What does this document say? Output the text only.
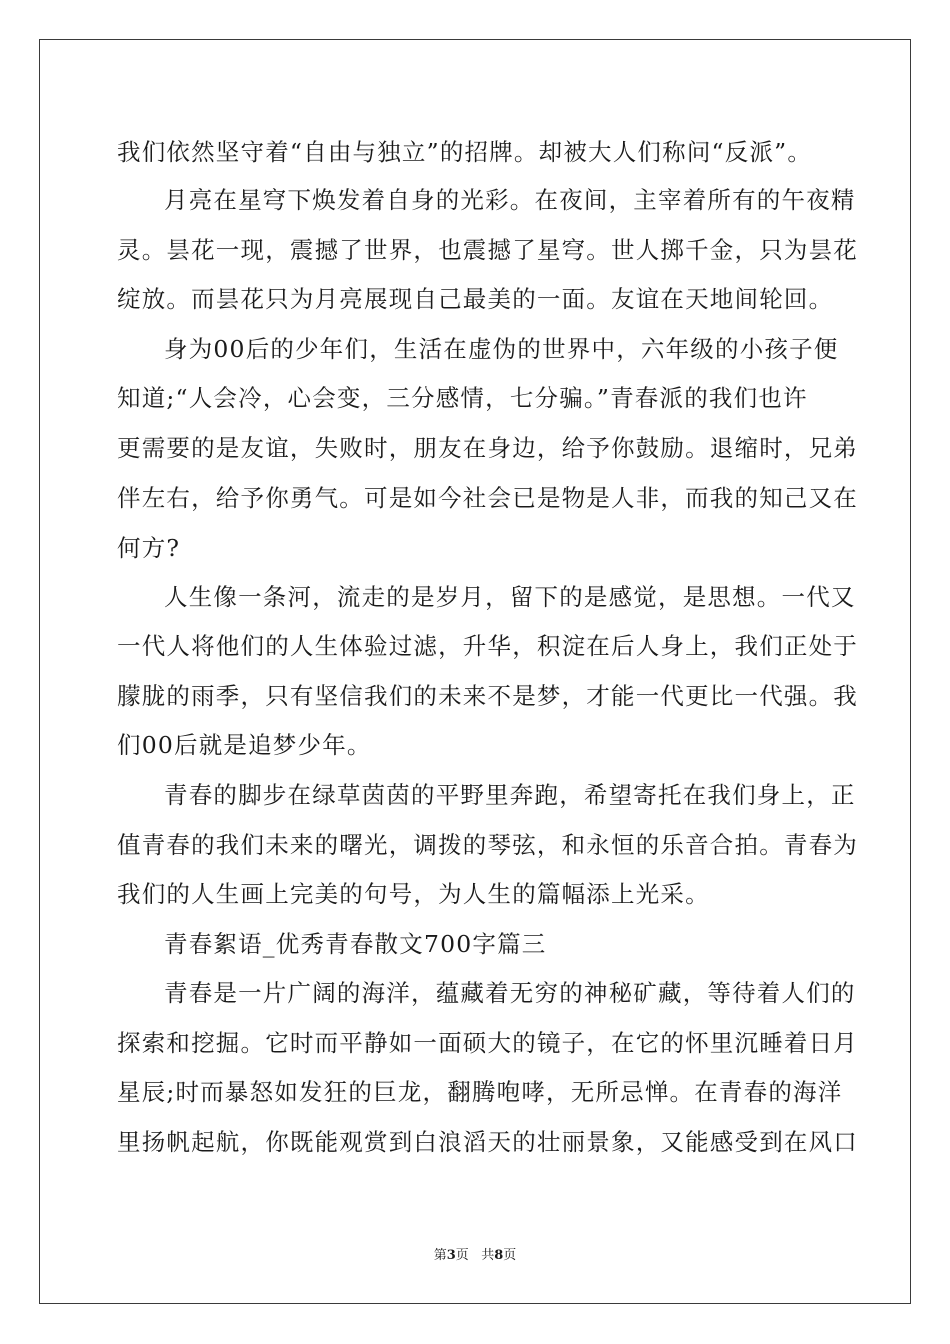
我们依然坚守着“自由与独立”的招牌。却被大人们称问“反派”。
月亮在星穹下焕发着自身的光彩。在夜间，主宰着所有的午夜精
灵。昙花一现，震撼了世界，也震撼了星穹。世人掷千金，只为昙花
绽放。而昙花只为月亮展现自己最美的一面。友谊在天地间轮回。
身为00后的少年们，生活在虚伪的世界中，六年级的小孩子便
知道;“人会冷，心会变，三分感情，七分骗。”青春派的我们也许
更需要的是友谊，失败时，朋友在身边，给予你鼓励。退缩时，兄弟
伴左右，给予你勇气。可是如今社会已是物是人非，而我的知己又在
何方?
人生像一条河，流走的是岁月，留下的是感觉，是思想。一代又
一代人将他们的人生体验过滤，升华，积淀在后人身上，我们正处于
朦胧的雨季，只有坚信我们的未来不是梦，才能一代更比一代强。我
们00后就是追梦少年。
青春的脚步在绿草茵茵的平野里奔跑，希望寄托在我们身上，正
值青春的我们未来的曙光，调拨的琴弦，和永恒的乐音合拍。青春为
我们的人生画上完美的句号，为人生的篇幅添上光采。
青春絮语_优秀青春散文700字篇三
青春是一片广阔的海洋，蕴藏着无穷的神秘矿藏，等待着人们的
探索和挖掘。它时而平静如一面硕大的镜子，在它的怀里沉睡着日月
星辰;时而暴怒如发狂的巨龙，翻腾咆哮，无所忌惮。在青春的海洋
里扬帆起航，你既能观赏到白浪滔天的壮丽景象，又能感受到在风口
第3页 共8页
